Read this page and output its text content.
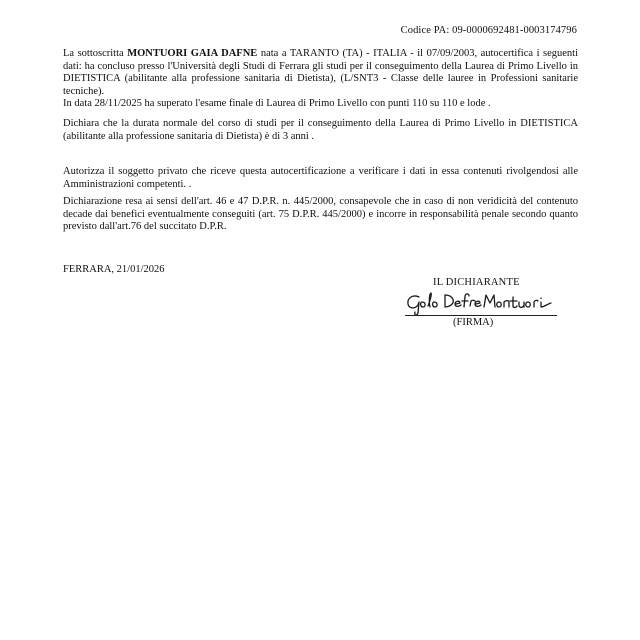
Codice PA: 09-0000692481-0003174796

La sottoscritta MONTUORI GAIA DAFNE nata a TARANTO (TA) - ITALIA - il 07/09/2003, autocertifica i seguenti dati: ha concluso presso l'Università degli Studi di Ferrara gli studi per il conseguimento della Laurea di Primo Livello in DIETISTICA (abilitante alla professione sanitaria di Dietista), (L/SNT3 - Classe delle lauree in Professioni sanitarie tecniche).

In data 28/11/2025 ha superato l'esame finale di Laurea di Primo Livello con punti 110 su 110 e lode .

Dichiara che la durata normale del corso di studi per il conseguimento della Laurea di Primo Livello in DIETISTICA (abilitante alla professione sanitaria di Dietista) è di 3 anni .
Autorizza il soggetto privato che riceve questa autocertificazione a verificare i dati in essa contenuti rivolgendosi alle Amministrazioni competenti. .
Dichiarazione resa ai sensi dell'art. 46 e 47 D.P.R. n. 445/2000, consapevole che in caso di non veridicità del contenuto decade dai benefici eventualmente conseguiti (art. 75 D.P.R. 445/2000) e incorre in responsabilità penale secondo quanto previsto dall'art.76 del succitato D.P.R.
FERRARA, 21/01/2026
IL DICHIARANTE
(FIRMA)
